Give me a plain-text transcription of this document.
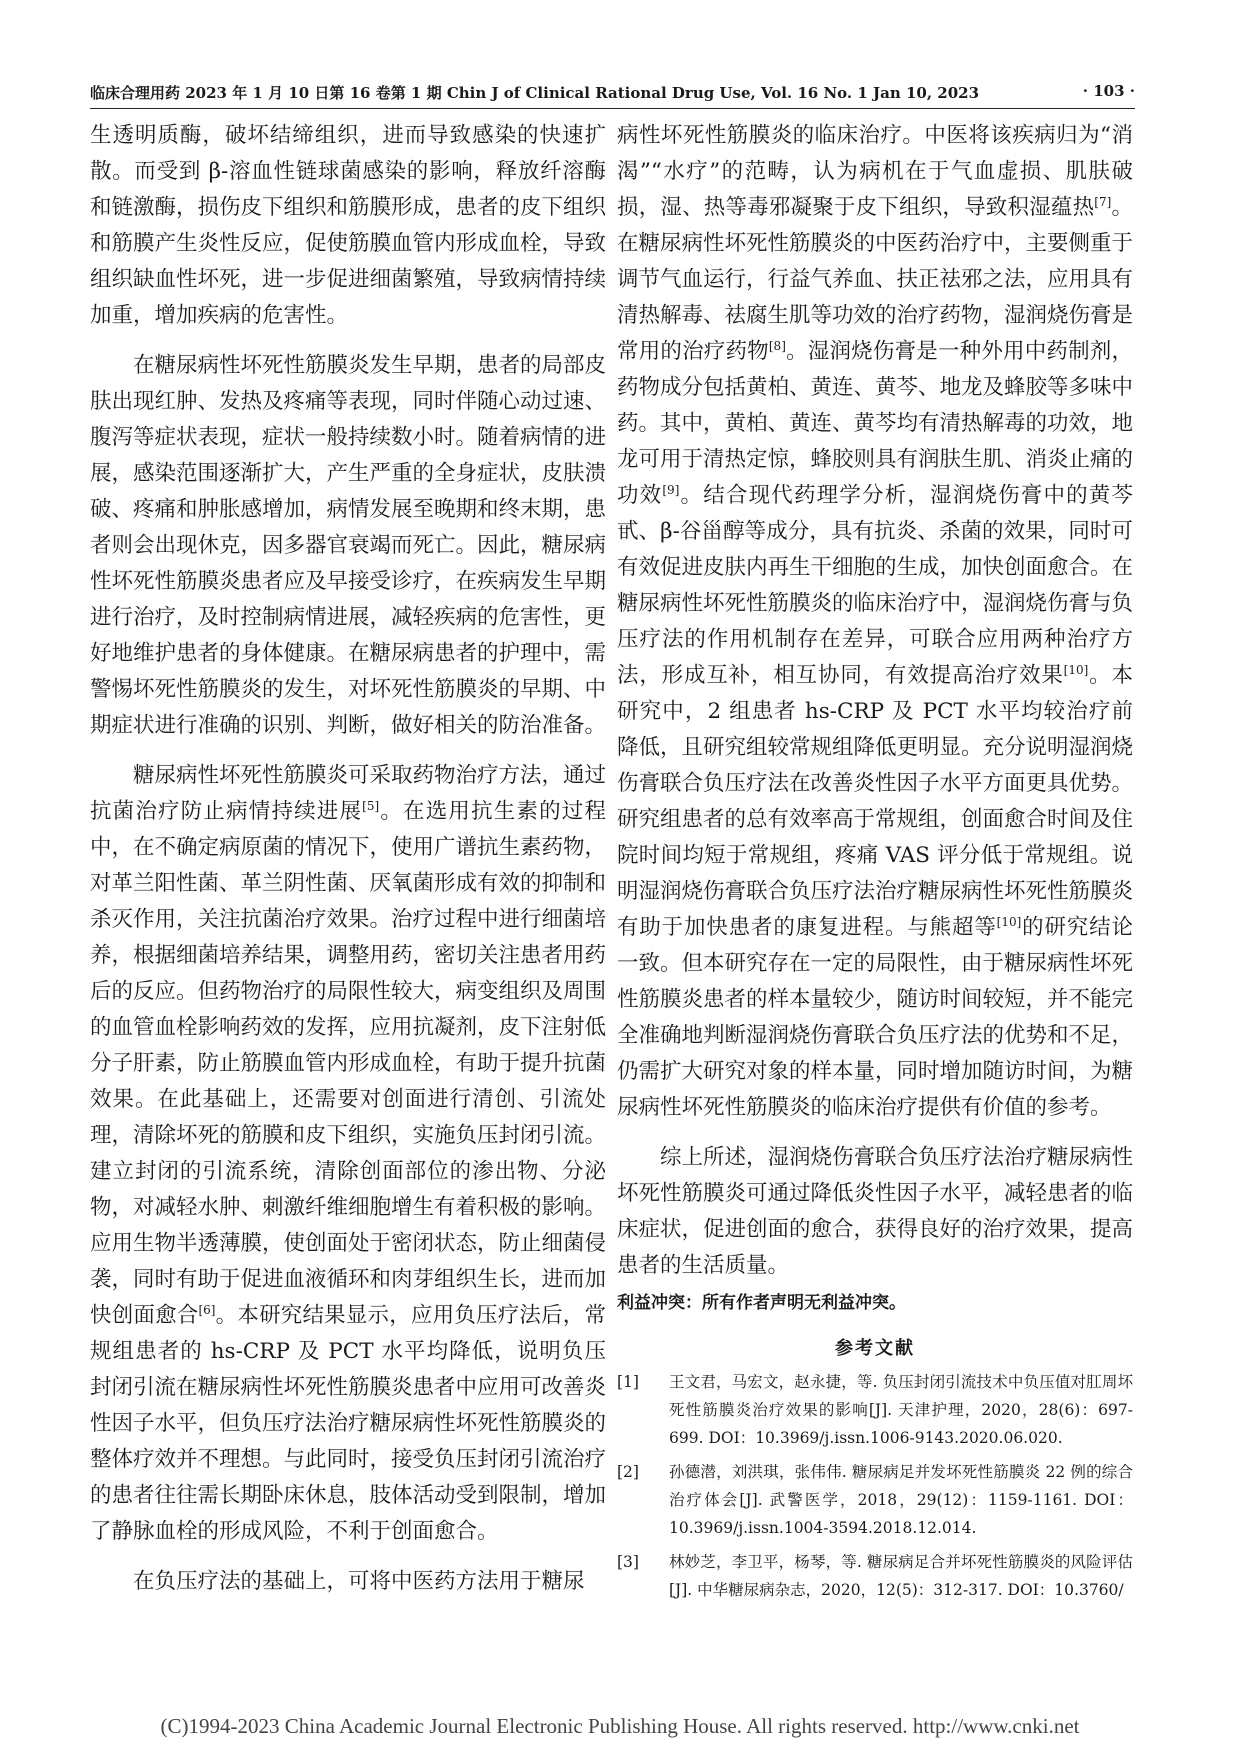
临床合理用药 2023 年 1 月 10 日第 16 卷第 1 期 Chin J of Clinical Rational Drug Use, Vol. 16 No. 1 Jan 10, 2023	· 103 ·

生透明质酶，破坏结缔组织，进而导致感染的快速扩散。而受到 β-溶血性链球菌感染的影响，释放纤溶酶和链激酶，损伤皮下组织和筋膜形成，患者的皮下组织和筋膜产生炎性反应，促使筋膜血管内形成血栓，导致组织缺血性坏死，进一步促进细菌繁殖，导致病情持续加重，增加疾病的危害性。

在糖尿病性坏死性筋膜炎发生早期，患者的局部皮肤出现红肿、发热及疼痛等表现，同时伴随心动过速、腹泻等症状表现，症状一般持续数小时。随着病情的进展，感染范围逐渐扩大，产生严重的全身症状，皮肤溃破、疼痛和肿胀感增加，病情发展至晚期和终末期，患者则会出现休克，因多器官衰竭而死亡。因此，糖尿病性坏死性筋膜炎患者应及早接受诊疗，在疾病发生早期进行治疗，及时控制病情进展，减轻疾病的危害性，更好地维护患者的身体健康。在糖尿病患者的护理中，需警惕坏死性筋膜炎的发生，对坏死性筋膜炎的早期、中期症状进行准确的识别、判断，做好相关的防治准备。

糖尿病性坏死性筋膜炎可采取药物治疗方法，通过抗菌治疗防止病情持续进展[5]。在选用抗生素的过程中，在不确定病原菌的情况下，使用广谱抗生素药物，对革兰阳性菌、革兰阴性菌、厌氧菌形成有效的抑制和杀灭作用，关注抗菌治疗效果。治疗过程中进行细菌培养，根据细菌培养结果，调整用药，密切关注患者用药后的反应。但药物治疗的局限性较大，病变组织及周围的血管血栓影响药效的发挥，应用抗凝剂，皮下注射低分子肝素，防止筋膜血管内形成血栓，有助于提升抗菌效果。在此基础上，还需要对创面进行清创、引流处理，清除坏死的筋膜和皮下组织，实施负压封闭引流。建立封闭的引流系统，清除创面部位的渗出物、分泌物，对减轻水肿、刺激纤维细胞增生有着积极的影响。应用生物半透薄膜，使创面处于密闭状态，防止细菌侵袭，同时有助于促进血液循环和肉芽组织生长，进而加快创面愈合[6]。本研究结果显示，应用负压疗法后，常规组患者的 hs-CRP 及 PCT 水平均降低，说明负压封闭引流在糖尿病性坏死性筋膜炎患者中应用可改善炎性因子水平，但负压疗法治疗糖尿病性坏死性筋膜炎的整体疗效并不理想。与此同时，接受负压封闭引流治疗的患者往往需长期卧床休息，肢体活动受到限制，增加了静脉血栓的形成风险，不利于创面愈合。

在负压疗法的基础上，可将中医药方法用于糖尿

病性坏死性筋膜炎的临床治疗。中医将该疾病归为“消渴”“水疗”的范畴，认为病机在于气血虚损、肌肤破损，湿、热等毒邪凝聚于皮下组织，导致积湿蕴热[7]。在糖尿病性坏死性筋膜炎的中医药治疗中，主要侧重于调节气血运行，行益气养血、扶正祛邪之法，应用具有清热解毒、祛腐生肌等功效的治疗药物，湿润烧伤膏是常用的治疗药物[8]。湿润烧伤膏是一种外用中药制剂，药物成分包括黄柏、黄连、黄芩、地龙及蜂胶等多味中药。其中，黄柏、黄连、黄芩均有清热解毒的功效，地龙可用于清热定惊，蜂胶则具有润肤生肌、消炎止痛的功效[9]。结合现代药理学分析，湿润烧伤膏中的黄芩甙、β-谷甾醇等成分，具有抗炎、杀菌的效果，同时可有效促进皮肤内再生干细胞的生成，加快创面愈合。在糖尿病性坏死性筋膜炎的临床治疗中，湿润烧伤膏与负压疗法的作用机制存在差异，可联合应用两种治疗方法，形成互补，相互协同，有效提高治疗效果[10]。本研究中，2 组患者 hs-CRP 及 PCT 水平均较治疗前降低，且研究组较常规组降低更明显。充分说明湿润烧伤膏联合负压疗法在改善炎性因子水平方面更具优势。研究组患者的总有效率高于常规组，创面愈合时间及住院时间均短于常规组，疼痛 VAS 评分低于常规组。说明湿润烧伤膏联合负压疗法治疗糖尿病性坏死性筋膜炎有助于加快患者的康复进程。与熊超等[10]的研究结论一致。但本研究存在一定的局限性，由于糖尿病性坏死性筋膜炎患者的样本量较少，随访时间较短，并不能完全准确地判断湿润烧伤膏联合负压疗法的优势和不足，仍需扩大研究对象的样本量，同时增加随访时间，为糖尿病性坏死性筋膜炎的临床治疗提供有价值的参考。

综上所述，湿润烧伤膏联合负压疗法治疗糖尿病性坏死性筋膜炎可通过降低炎性因子水平，减轻患者的临床症状，促进创面的愈合，获得良好的治疗效果，提高患者的生活质量。

利益冲突：所有作者声明无利益冲突。
参考文献
[1]	王文君，马宏文，赵永捷，等. 负压封闭引流技术中负压值对肛周坏死性筋膜炎治疗效果的影响[J]. 天津护理，2020，28(6)：697-699. DOI：10.3969/j.issn.1006-9143.2020.06.020.
[2]	孙德潜，刘洪琪，张伟伟. 糖尿病足并发坏死性筋膜炎 22 例的综合治疗体会[J]. 武警医学，2018，29(12)：1159-1161. DOI：10.3969/j.issn.1004-3594.2018.12.014.
[3]	林妙芝，李卫平，杨琴，等. 糖尿病足合并坏死性筋膜炎的风险评估[J]. 中华糖尿病杂志，2020，12(5)：312-317. DOI：10.3760/
(C)1994-2023 China Academic Journal Electronic Publishing House. All rights reserved. http://www.cnki.net
